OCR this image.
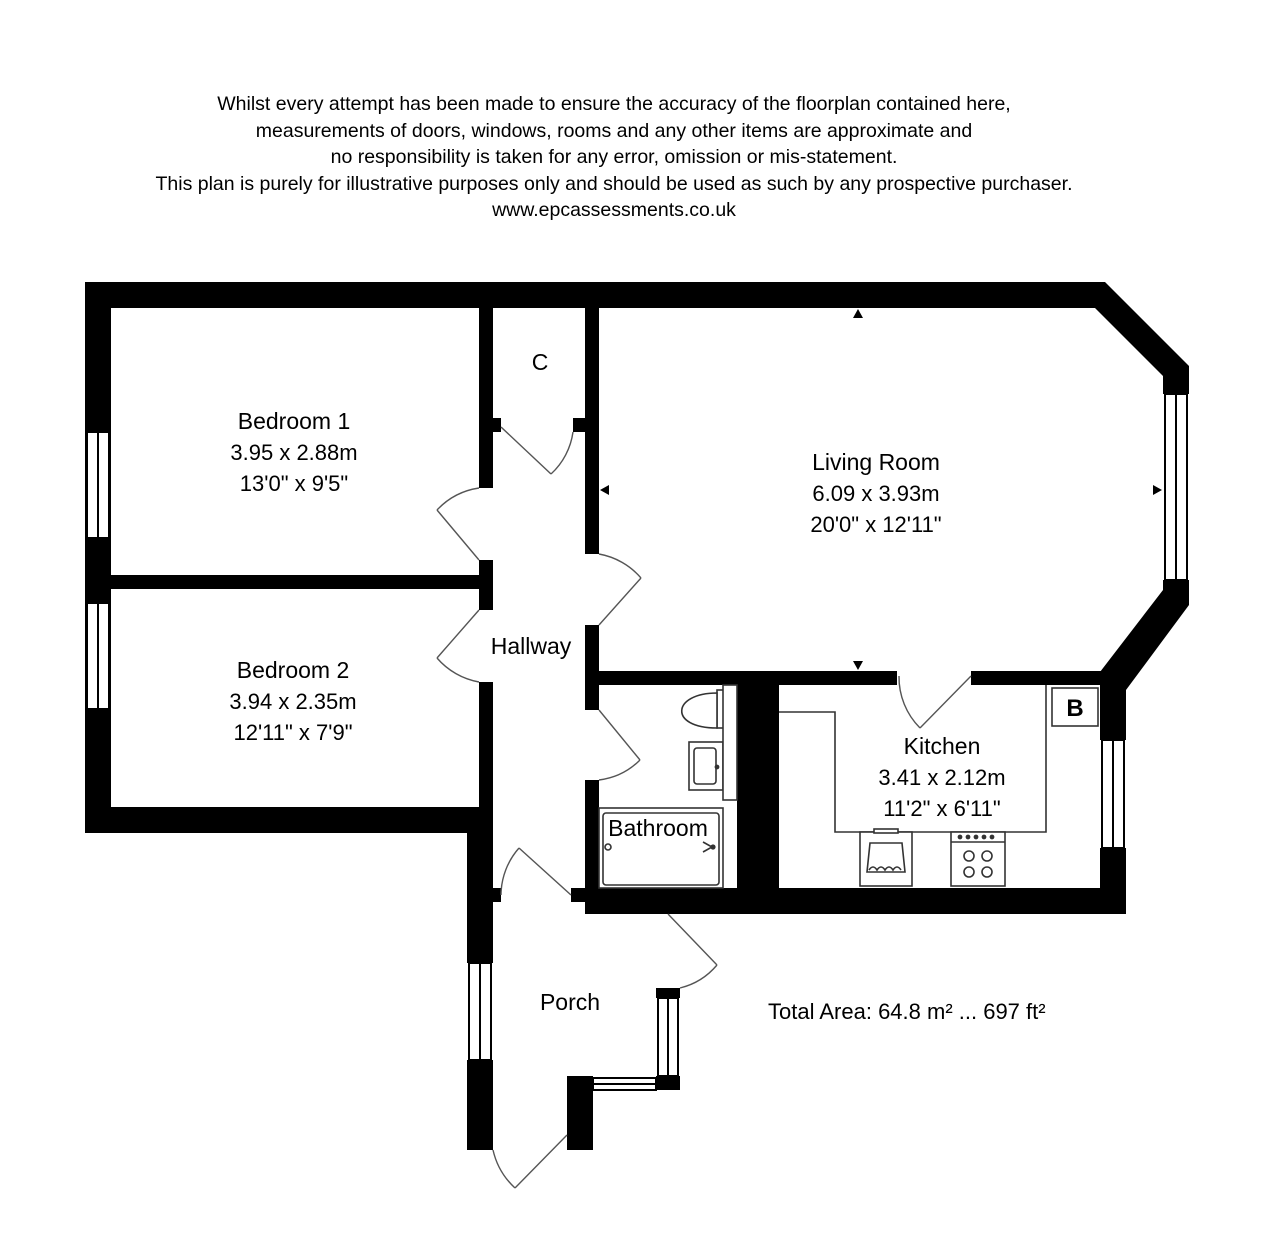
Whilst every attempt has been made to ensure the accuracy of the floorplan contained here,
measurements of doors, windows, rooms and any other items are approximate and
no responsibility is taken for any error, omission or mis-statement.
This plan is purely for illustrative purposes only and should be used as such by any prospective purchaser.
www.epcassessments.co.uk
Bedroom 1
3.95 x 2.88m
13'0" x 9'5"
Bedroom 2
3.94 x 2.35m
12'11" x 7'9"
C
Living Room
6.09 x 3.93m
20'0" x 12'11"
Hallway
Kitchen
3.41 x 2.12m
11'2" x 6'11"
Bathroom
Porch
B
Total Area: 64.8 m² ... 697 ft²
